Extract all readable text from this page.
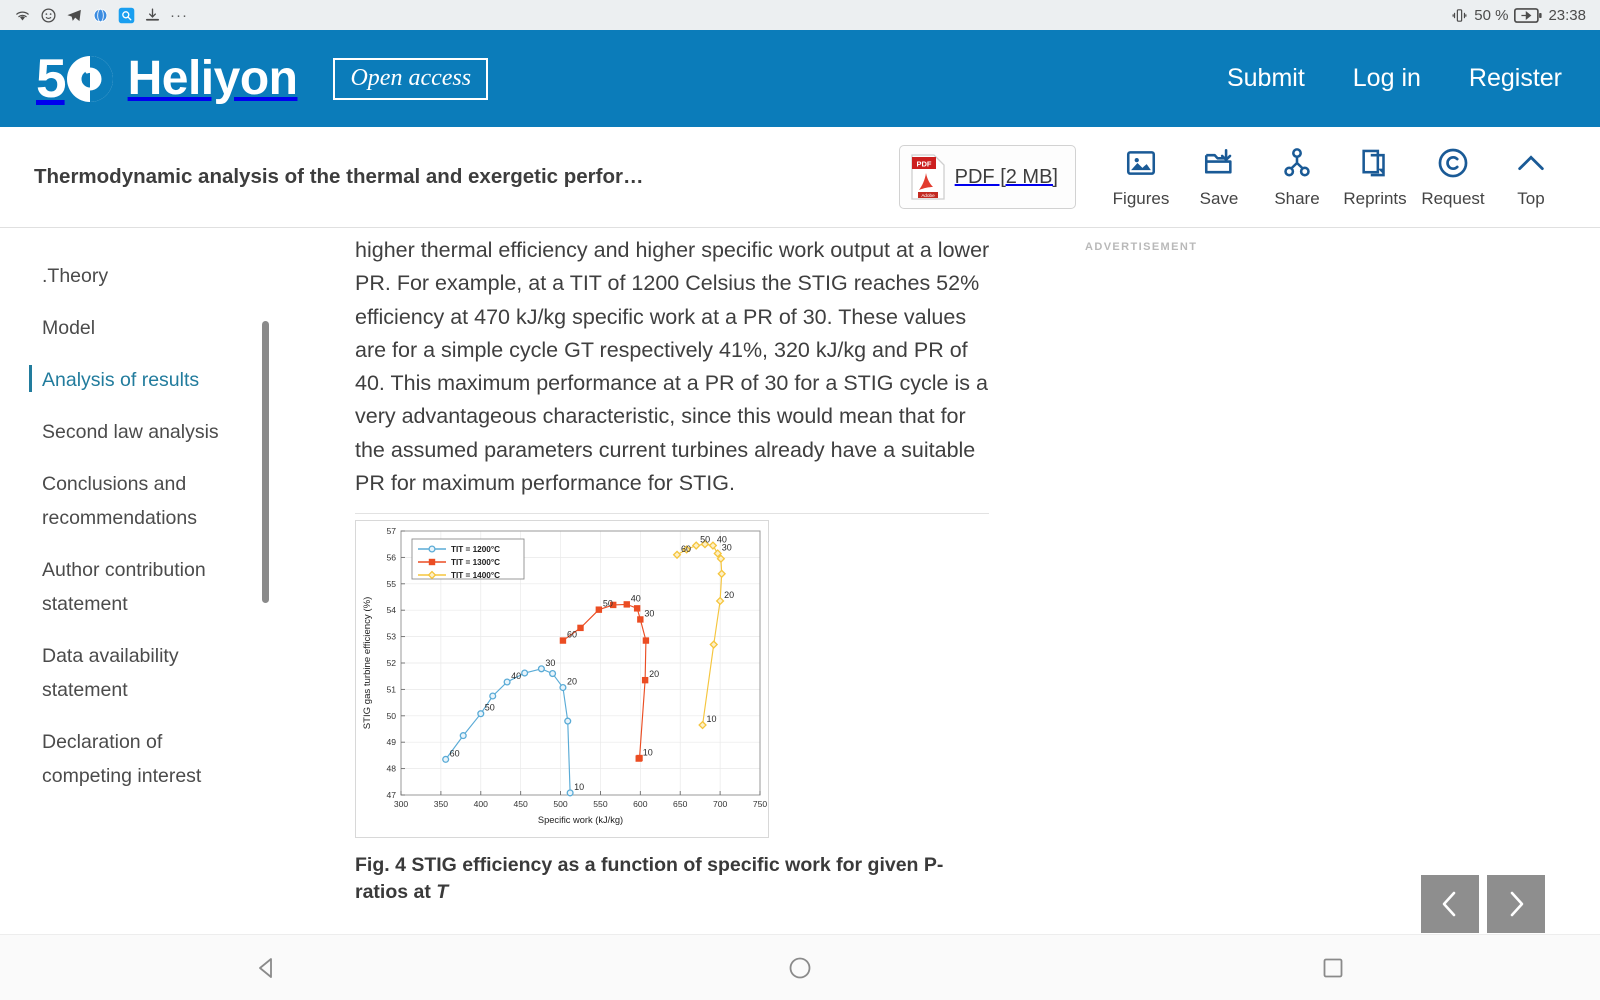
···	50 %	23:38
5 Heliyon	Open access	Submit Log in Register
Thermodynamic analysis of the thermal and exergetic perfor…
PDF
Adobe
PDF [2 MB]
Figures Save Share Reprints Request Top
.Theory
Model
Analysis of results
Second law analysis
Conclusions and recommendations
Author contribution statement
Data availability statement
Declaration of competing interest

higher thermal efficiency and higher specific work output at a lower PR. For example, at a TIT of 1200 Celsius the STIG reaches 52% efficiency at 470 kJ/kg specific work at a PR of 30. These values are for a simple cycle GT respectively 41%, 320 kJ/kg and PR of 40. This maximum performance at a PR of 30 for a STIG cycle is a very advantageous characteristic, since this would mean that for the assumed parameters current turbines already have a suitable PR for maximum performance for STIG.

300	350	400	450	500	550	600	650	700	750
47
48
49
50
51
52
53
54
55
56
57
Specific work (kJ/kg)
STIG gas turbine efficiency (%)
60
50
40
30
20
10
60
50
40
30
20
10
60
50 40
30
20
10
TIT = 1200°C
TIT = 1300°C
TIT = 1400°C
Fig. 4 STIG efficiency as a function of specific work for given P-ratios at T
ADVERTISEMENT
